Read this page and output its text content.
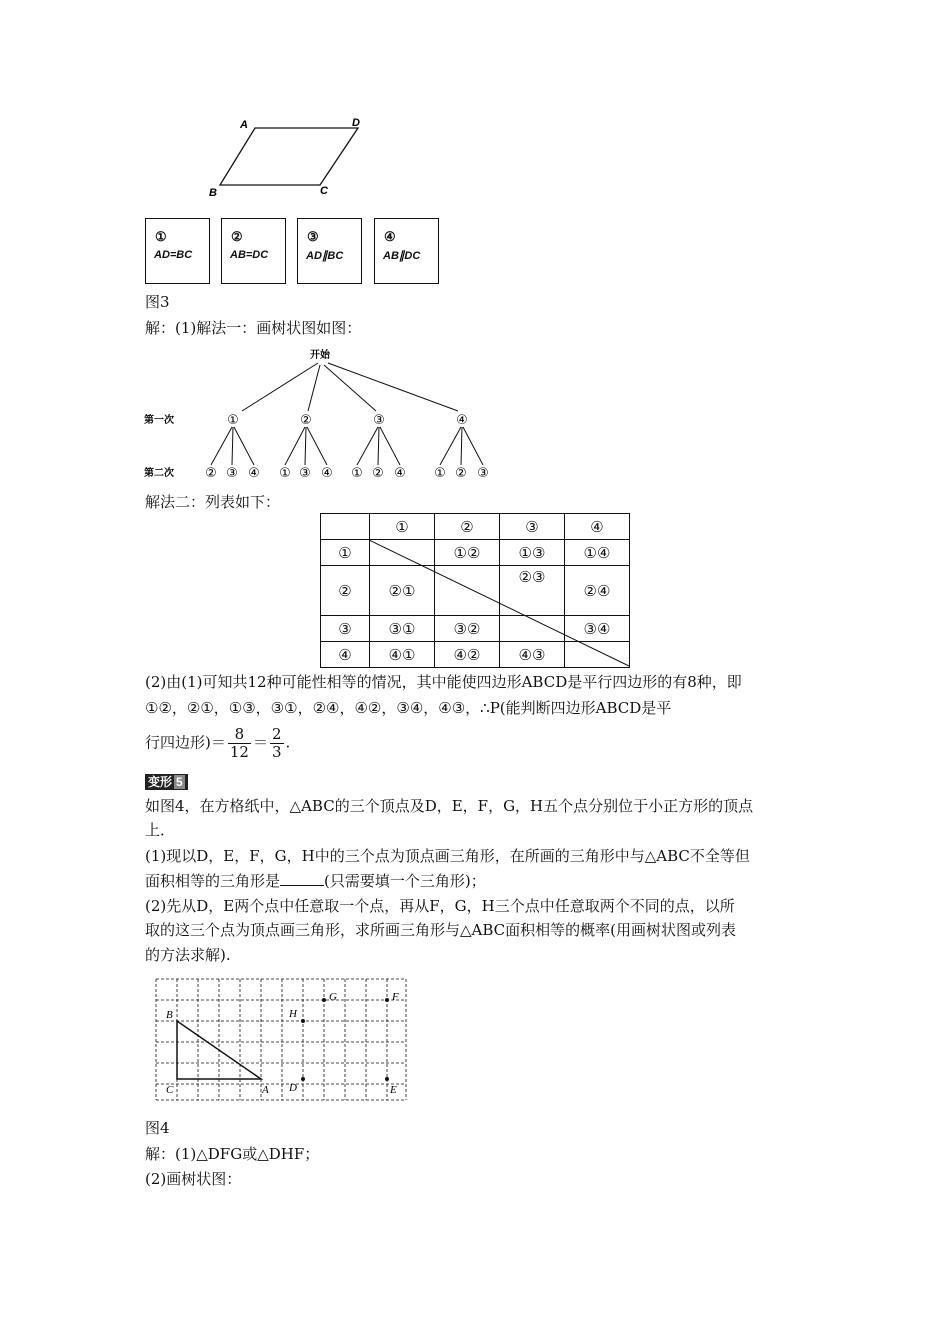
A	D
B	C
①
AD=BC
②
AB=DC
③
AD∥BC
④
AB∥DC
图3
解：(1)解法一：画树状图如图：
开始
第一次
第二次
①	②	③	④
② ③ ④ ① ③ ④ ① ② ④ ① ② ③
解法二：列表如下：
	①	②	③	④
①		①②	①③	①④
②	②①		②③	②④
③	③①	③②		③④
④	④①	④②	④③	
(2)由(1)可知共12种可能性相等的情况，其中能使四边形ABCD是平行四边形的有8种，即
①②，②①，①③，③①，②④，④②，③④，④③，∴P(能判断四边形ABCD是平
行四边形)＝ $\frac{8}{12} = \frac{2}{3}$ .
变形 5
如图4，在方格纸中，△ABC的三个顶点及D，E，F，G，H五个点分别位于小正方形的顶点
上．
(1)现以D，E，F，G，H中的三个点为顶点画三角形，在所画的三角形中与△ABC不全等但
面积相等的三角形是	(只需要填一个三角形)；
(2)先从D，E两个点中任意取一个点，再从F，G，H三个点中任意取两个不同的点，以所
取的这三个点为顶点画三角形，求所画三角形与△ABC面积相等的概率(用画树状图或列表
的方法求解).
G	F
H
B
C	A D	E
图4
解：(1)△DFG或△DHF；
(2)画树状图：
